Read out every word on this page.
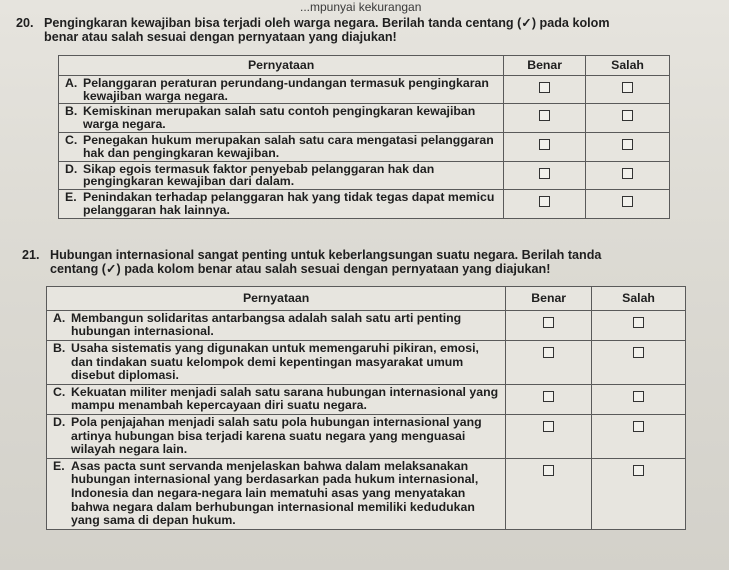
...mpunyai kekurangan
20. Pengingkaran kewajiban bisa terjadi oleh warga negara. Berilah tanda centang (✓) pada kolom
benar atau salah sesuai dengan pernyataan yang diajukan!
Pernyataan	Benar	Salah

A. Pelanggaran peraturan perundang-undangan termasuk pengingkaran kewajiban warga negara.		

B. Kemiskinan merupakan salah satu contoh pengingkaran kewajiban warga negara.		

C. Penegakan hukum merupakan salah satu cara mengatasi pelanggaran hak dan pengingkaran kewajiban.		

D. Sikap egois termasuk faktor penyebab pelanggaran hak dan pengingkaran kewajiban dari dalam.		

E. Penindakan terhadap pelanggaran hak yang tidak tegas dapat memicu pelanggaran hak lainnya.		

21. Hubungan internasional sangat penting untuk keberlangsungan suatu negara. Berilah tanda
centang (✓) pada kolom benar atau salah sesuai dengan pernyataan yang diajukan!
Pernyataan	Benar	Salah

A. Membangun solidaritas antarbangsa adalah salah satu arti penting hubungan internasional.		

B. Usaha sistematis yang digunakan untuk memengaruhi pikiran, emosi, dan tindakan suatu kelompok demi kepentingan masyarakat umum disebut diplomasi.		

C. Kekuatan militer menjadi salah satu sarana hubungan internasional yang mampu menambah kepercayaan diri suatu negara.		

D. Pola penjajahan menjadi salah satu pola hubungan internasional yang artinya hubungan bisa terjadi karena suatu negara yang menguasai wilayah negara lain.		

E. Asas pacta sunt servanda menjelaskan bahwa dalam melaksanakan hubungan internasional yang berdasarkan pada hukum internasional, Indonesia dan negara-negara lain mematuhi asas yang menyatakan bahwa negara dalam berhubungan internasional memiliki kedudukan yang sama di depan hukum.		
